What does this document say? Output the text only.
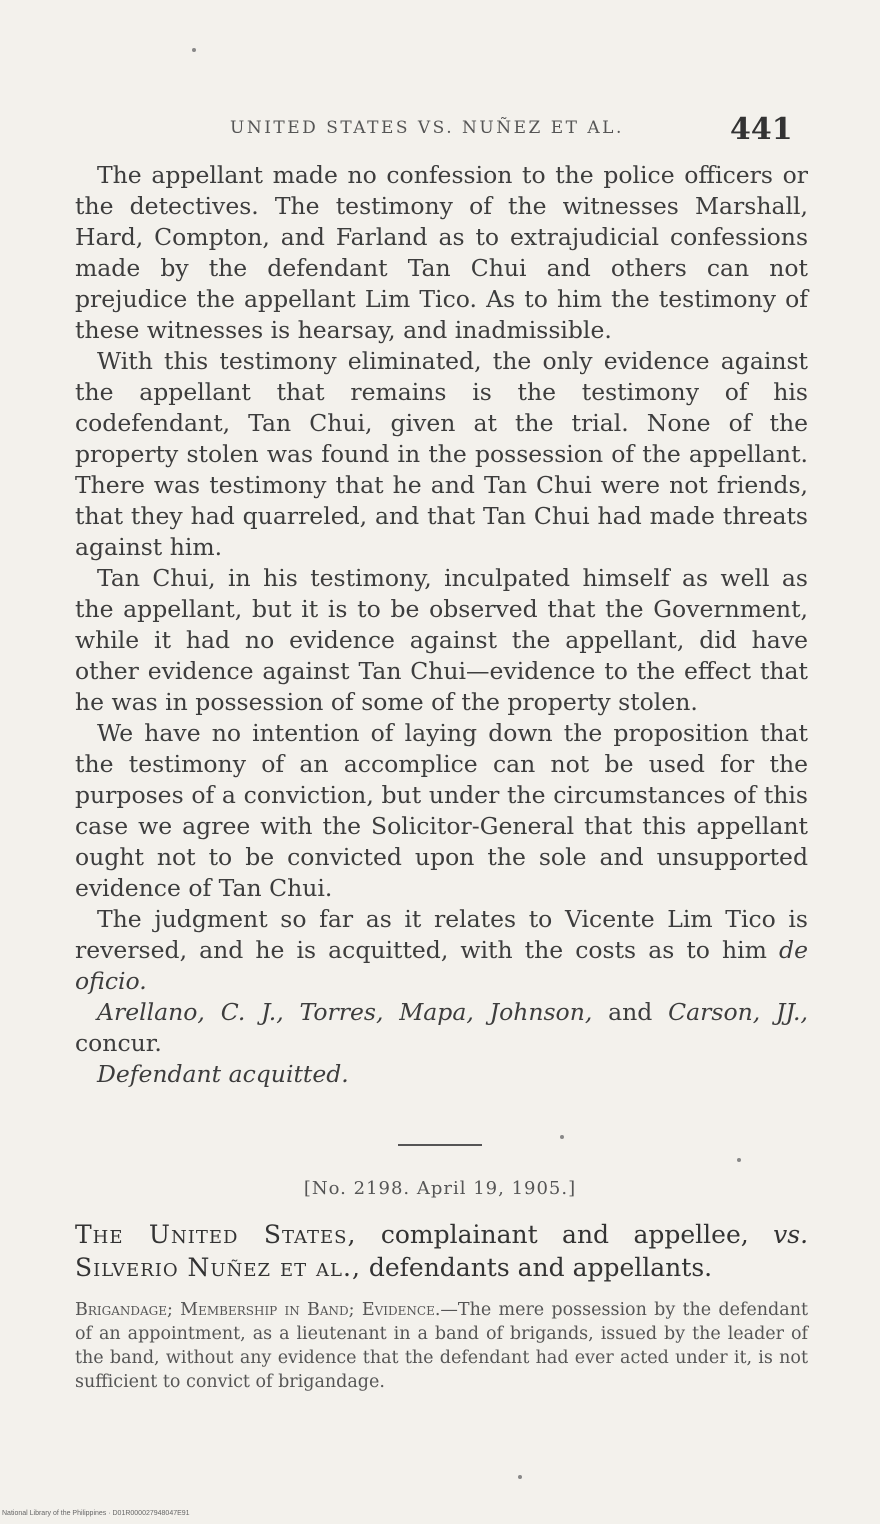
UNITED STATES VS. NUÑEZ ET AL.	441

The appellant made no confession to the police officers or the detectives. The testimony of the witnesses Marshall, Hard, Compton, and Farland as to extrajudicial confessions made by the defendant Tan Chui and others can not prejudice the appellant Lim Tico. As to him the testimony of these witnesses is hearsay, and inadmissible.

With this testimony eliminated, the only evidence against the appellant that remains is the testimony of his codefendant, Tan Chui, given at the trial. None of the property stolen was found in the possession of the appellant. There was testimony that he and Tan Chui were not friends, that they had quarreled, and that Tan Chui had made threats against him.

Tan Chui, in his testimony, inculpated himself as well as the appellant, but it is to be observed that the Government, while it had no evidence against the appellant, did have other evidence against Tan Chui—evidence to the effect that he was in possession of some of the property stolen.

We have no intention of laying down the proposition that the testimony of an accomplice can not be used for the purposes of a conviction, but under the circumstances of this case we agree with the Solicitor-General that this appellant ought not to be convicted upon the sole and unsupported evidence of Tan Chui.

The judgment so far as it relates to Vicente Lim Tico is reversed, and he is acquitted, with the costs as to him de oficio.

Arellano, C. J., Torres, Mapa, Johnson, and Carson, JJ., concur.

Defendant acquitted.

[No. 2198. April 19, 1905.]
The United States, complainant and appellee, vs. Silverio Nuñez et al., defendants and appellants.
Brigandage; Membership in Band; Evidence.—The mere possession by the defendant of an appointment, as a lieutenant in a band of brigands, issued by the leader of the band, without any evidence that the defendant had ever acted under it, is not sufficient to convict of brigandage.
National Library of the Philippines · D01R000027948047E91
